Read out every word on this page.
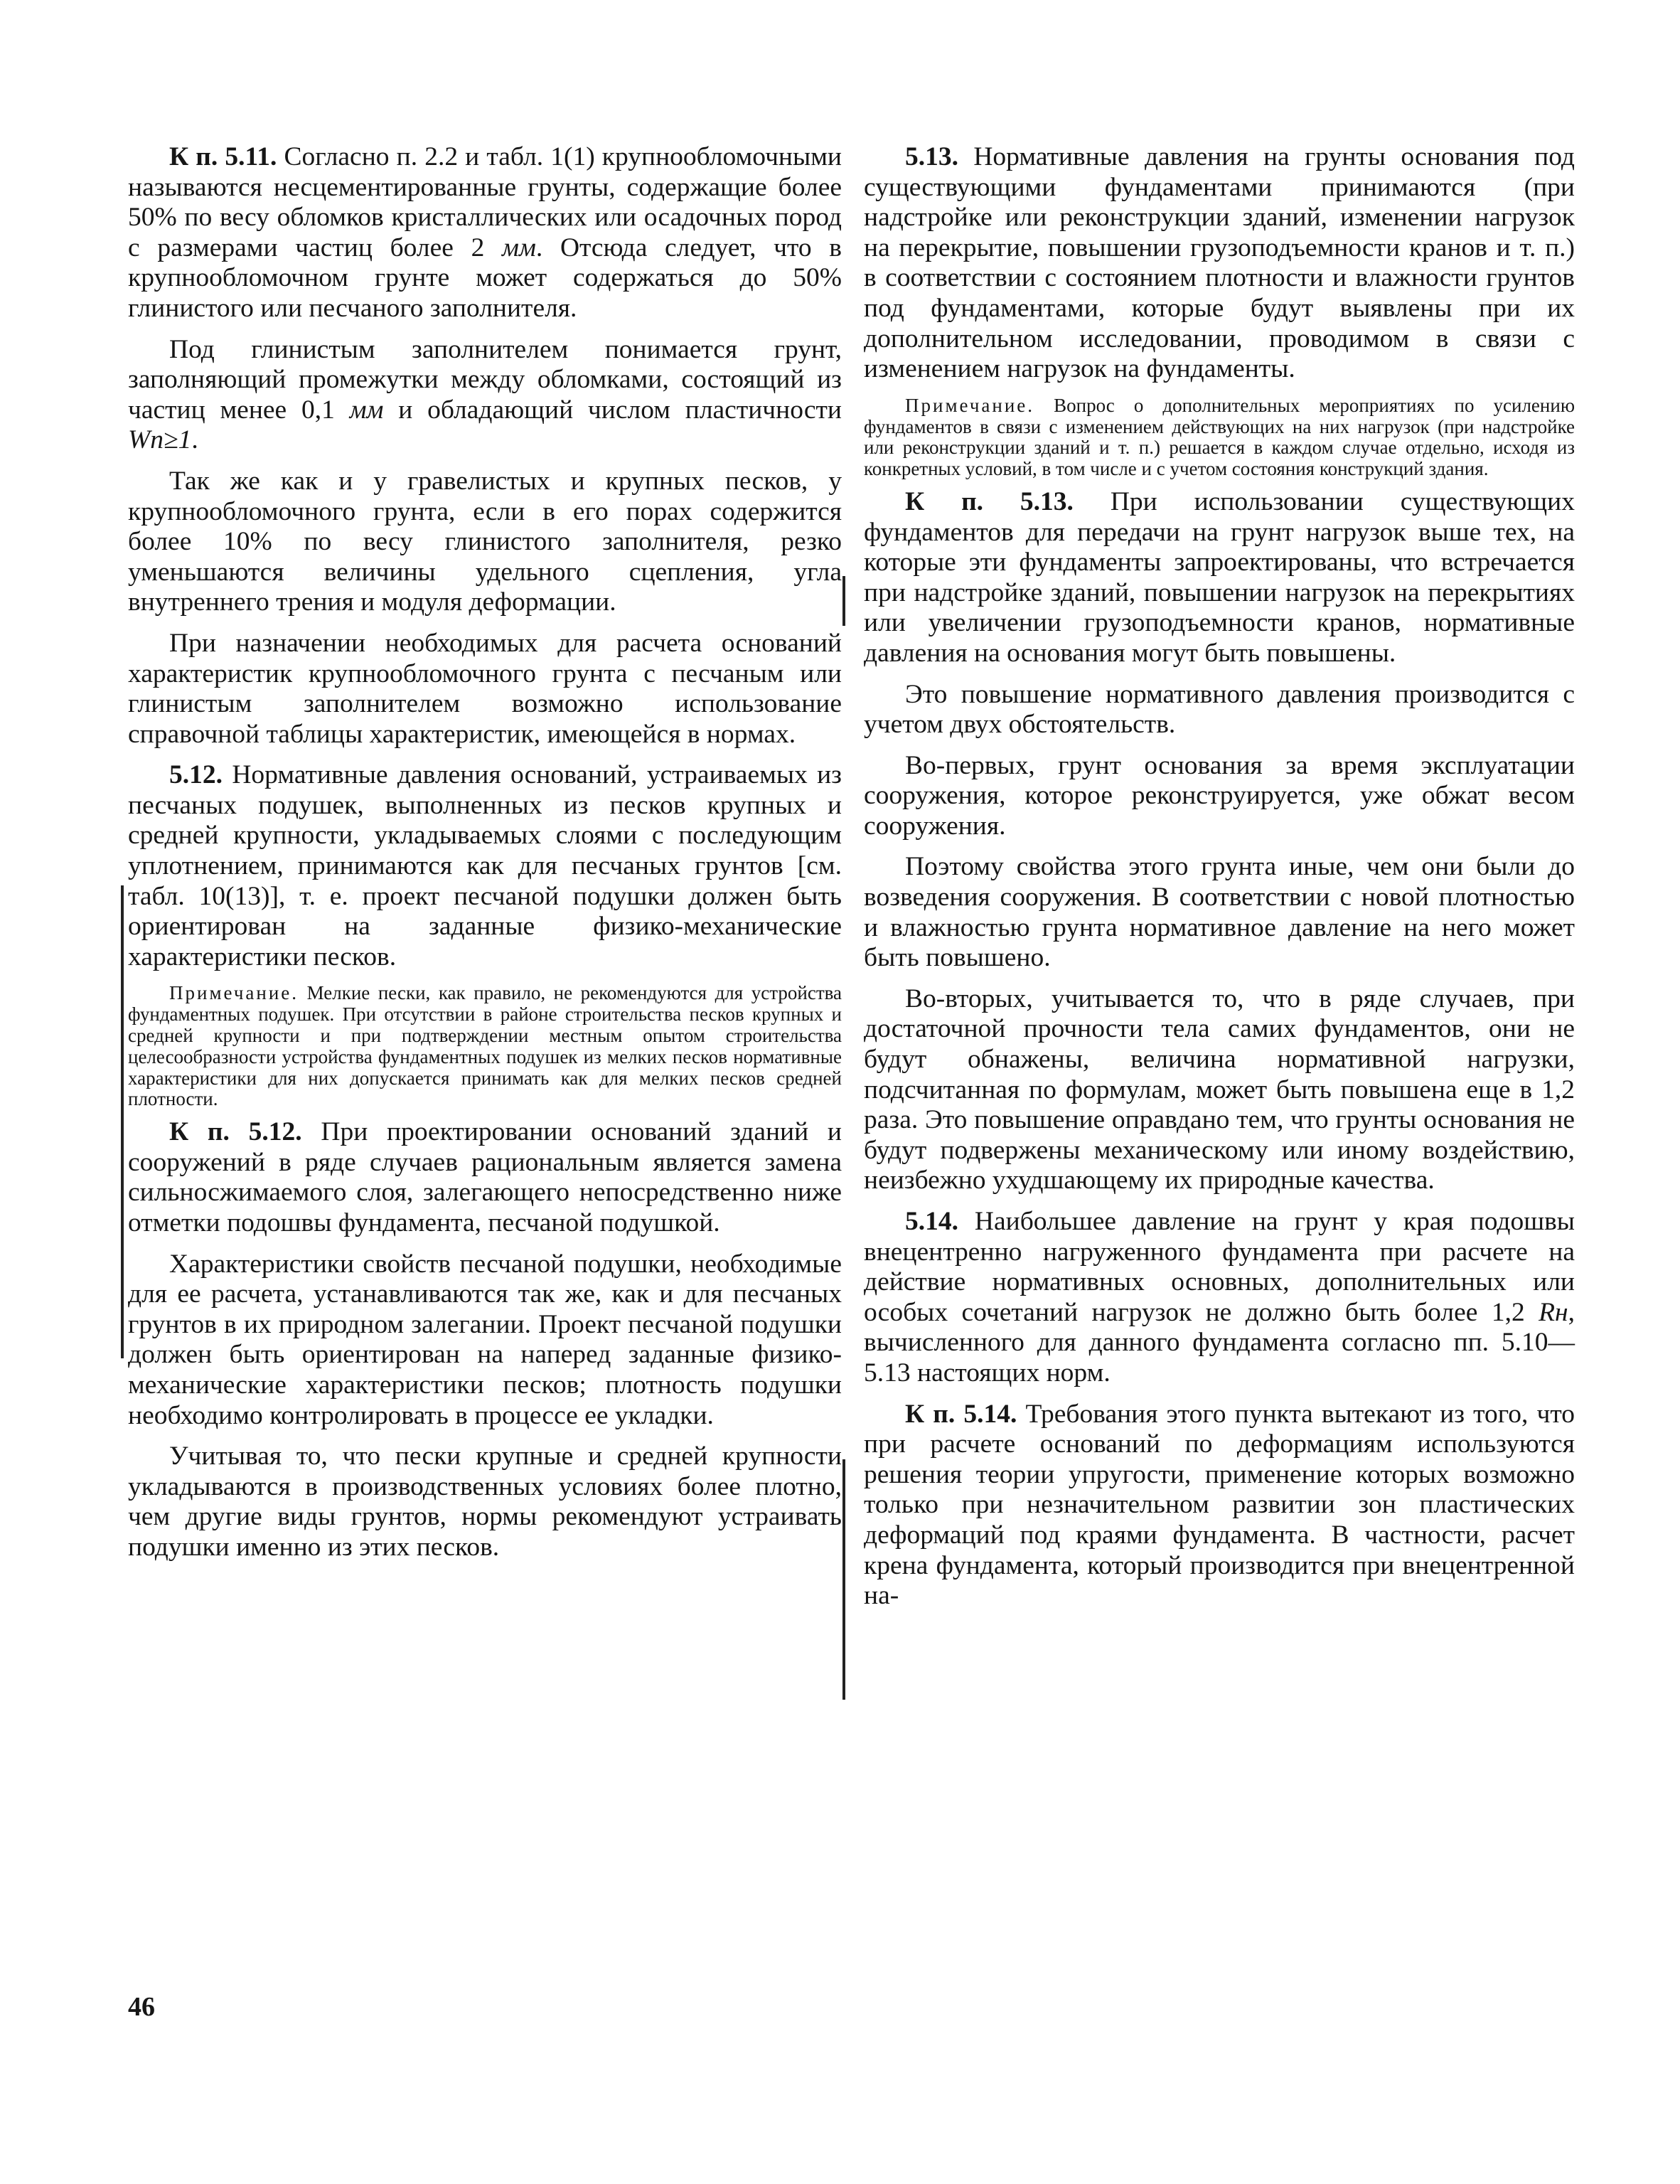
К п. 5.11. Согласно п. 2.2 и табл. 1(1) крупнообломочными называются несцементированные грунты, содержащие более 50% по весу обломков кристаллических или осадочных пород с размерами частиц более 2 мм. Отсюда следует, что в крупнообломочном грунте может содержаться до 50% глинистого или песчаного заполнителя.

Под глинистым заполнителем понимается грунт, заполняющий промежутки между обломками, состоящий из частиц менее 0,1 мм и обладающий числом пластичности Wп≥1.

Так же как и у гравелистых и крупных песков, у крупнообломочного грунта, если в его порах содержится более 10% по весу глинистого заполнителя, резко уменьшаются величины удельного сцепления, угла внутреннего трения и модуля деформации.

При назначении необходимых для расчета оснований характеристик крупнообломочного грунта с песчаным или глинистым заполнителем возможно использование справочной таблицы характеристик, имеющейся в нормах.

5.12. Нормативные давления оснований, устраиваемых из песчаных подушек, выполненных из песков крупных и средней крупности, укладываемых слоями с последующим уплотнением, принимаются как для песчаных грунтов [см. табл. 10(13)], т. е. проект песчаной подушки должен быть ориентирован на заданные физико-механические характеристики песков.

Примечание. Мелкие пески, как правило, не рекомендуются для устройства фундаментных подушек. При отсутствии в районе строительства песков крупных и средней крупности и при подтверждении местным опытом строительства целесообразности устройства фундаментных подушек из мелких песков нормативные характеристики для них допускается принимать как для мелких песков средней плотности.

К п. 5.12. При проектировании оснований зданий и сооружений в ряде случаев рациональным является замена сильносжимаемого слоя, залегающего непосредственно ниже отметки подошвы фундамента, песчаной подушкой.

Характеристики свойств песчаной подушки, необходимые для ее расчета, устанавливаются так же, как и для песчаных грунтов в их природном залегании. Проект песчаной подушки должен быть ориентирован на наперед заданные физико-механические характеристики песков; плотность подушки необходимо контролировать в процессе ее укладки.

Учитывая то, что пески крупные и средней крупности укладываются в производственных условиях более плотно, чем другие виды грунтов, нормы рекомендуют устраивать подушки именно из этих песков.

5.13. Нормативные давления на грунты основания под существующими фундаментами принимаются (при надстройке или реконструкции зданий, изменении нагрузок на перекрытие, повышении грузоподъемности кранов и т. п.) в соответствии с состоянием плотности и влажности грунтов под фундаментами, которые будут выявлены при их дополнительном исследовании, проводимом в связи с изменением нагрузок на фундаменты.

Примечание. Вопрос о дополнительных мероприятиях по усилению фундаментов в связи с изменением действующих на них нагрузок (при надстройке или реконструкции зданий и т. п.) решается в каждом случае отдельно, исходя из конкретных условий, в том числе и с учетом состояния конструкций здания.

К п. 5.13. При использовании существующих фундаментов для передачи на грунт нагрузок выше тех, на которые эти фундаменты запроектированы, что встречается при надстройке зданий, повышении нагрузок на перекрытиях или увеличении грузоподъемности кранов, нормативные давления на основания могут быть повышены.

Это повышение нормативного давления производится с учетом двух обстоятельств.

Во-первых, грунт основания за время эксплуатации сооружения, которое реконструируется, уже обжат весом сооружения.

Поэтому свойства этого грунта иные, чем они были до возведения сооружения. В соответствии с новой плотностью и влажностью грунта нормативное давление на него может быть повышено.

Во-вторых, учитывается то, что в ряде случаев, при достаточной прочности тела самих фундаментов, они не будут обнажены, величина нормативной нагрузки, подсчитанная по формулам, может быть повышена еще в 1,2 раза. Это повышение оправдано тем, что грунты основания не будут подвержены механическому или иному воздействию, неизбежно ухудшающему их природные качества.

5.14. Наибольшее давление на грунт у края подошвы внецентренно нагруженного фундамента при расчете на действие нормативных основных, дополнительных или особых сочетаний нагрузок не должно быть более 1,2 Rн, вычисленного для данного фундамента согласно пп. 5.10—5.13 настоящих норм.

К п. 5.14. Требования этого пункта вытекают из того, что при расчете оснований по деформациям используются решения теории упругости, применение которых возможно только при незначительном развитии зон пластических деформаций под краями фундамента. В частности, расчет крена фундамента, который производится при внецентренной на-

46
